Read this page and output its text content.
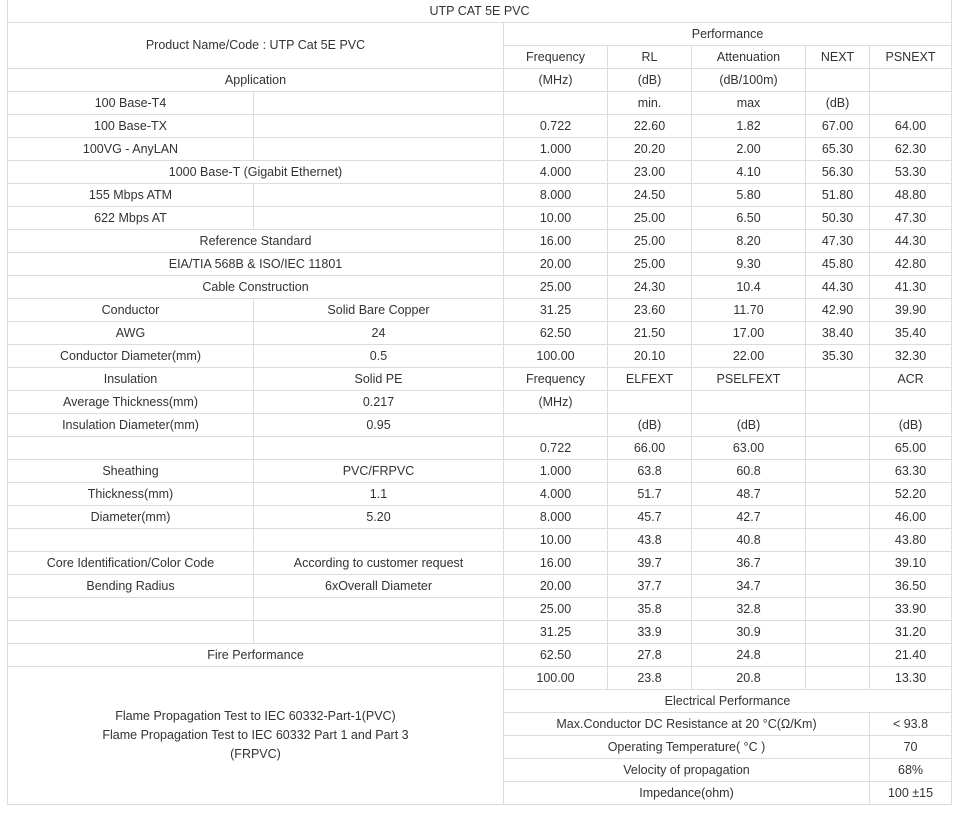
UTP CAT 5E PVC						
Product Name/Code : UTP Cat 5E PVC		Performance				
		Frequency	RL	Attenuation	NEXT	PSNEXT
Application		(MHz)	(dB)	(dB/100m)		
100 Base-T4			min.	max	(dB)	
100 Base-TX		0.722	22.60	1.82	67.00	64.00
100VG - AnyLAN		1.000	20.20	2.00	65.30	62.30
1000 Base-T (Gigabit Ethernet)		4.000	23.00	4.10	56.30	53.30
155 Mbps ATM		8.000	24.50	5.80	51.80	48.80
622 Mbps AT		10.00	25.00	6.50	50.30	47.30
Reference Standard		16.00	25.00	8.20	47.30	44.30
EIA/TIA 568B & ISO/IEC 11801		20.00	25.00	9.30	45.80	42.80
Cable Construction		25.00	24.30	10.4	44.30	41.30
Conductor	Solid Bare Copper	31.25	23.60	11.70	42.90	39.90
AWG	24	62.50	21.50	17.00	38.40	35.40
Conductor Diameter(mm)	0.5	100.00	20.10	22.00	35.30	32.30
Insulation	Solid PE	Frequency	ELFEXT	PSELFEXT		ACR
Average Thickness(mm)	0.217	(MHz)				
Insulation Diameter(mm)	0.95		(dB)	(dB)		(dB)
		0.722	66.00	63.00		65.00
Sheathing	PVC/FRPVC	1.000	63.8	60.8		63.30
Thickness(mm)	1.1	4.000	51.7	48.7		52.20
Diameter(mm)	5.20	8.000	45.7	42.7		46.00
		10.00	43.8	40.8		43.80
Core Identification/Color Code	According to customer request	16.00	39.7	36.7		39.10
Bending Radius	6xOverall Diameter	20.00	37.7	34.7		36.50
		25.00	35.8	32.8		33.90
		31.25	33.9	30.9		31.20
Fire Performance		62.50	27.8	24.8		21.40

Flame Propagation Test to IEC 60332-Part-1(PVC)
Flame Propagation Test to IEC 60332 Part 1 and Part 3
(FRPVC)		100.00	23.8	20.8		13.30
		Electrical Performance				
		Max.Conductor DC Resistance at 20 °C(Ω/Km)				< 93.8
		Operating Temperature( °C )				70
		Velocity of propagation				68%
		Impedance(ohm)				100 ±15
